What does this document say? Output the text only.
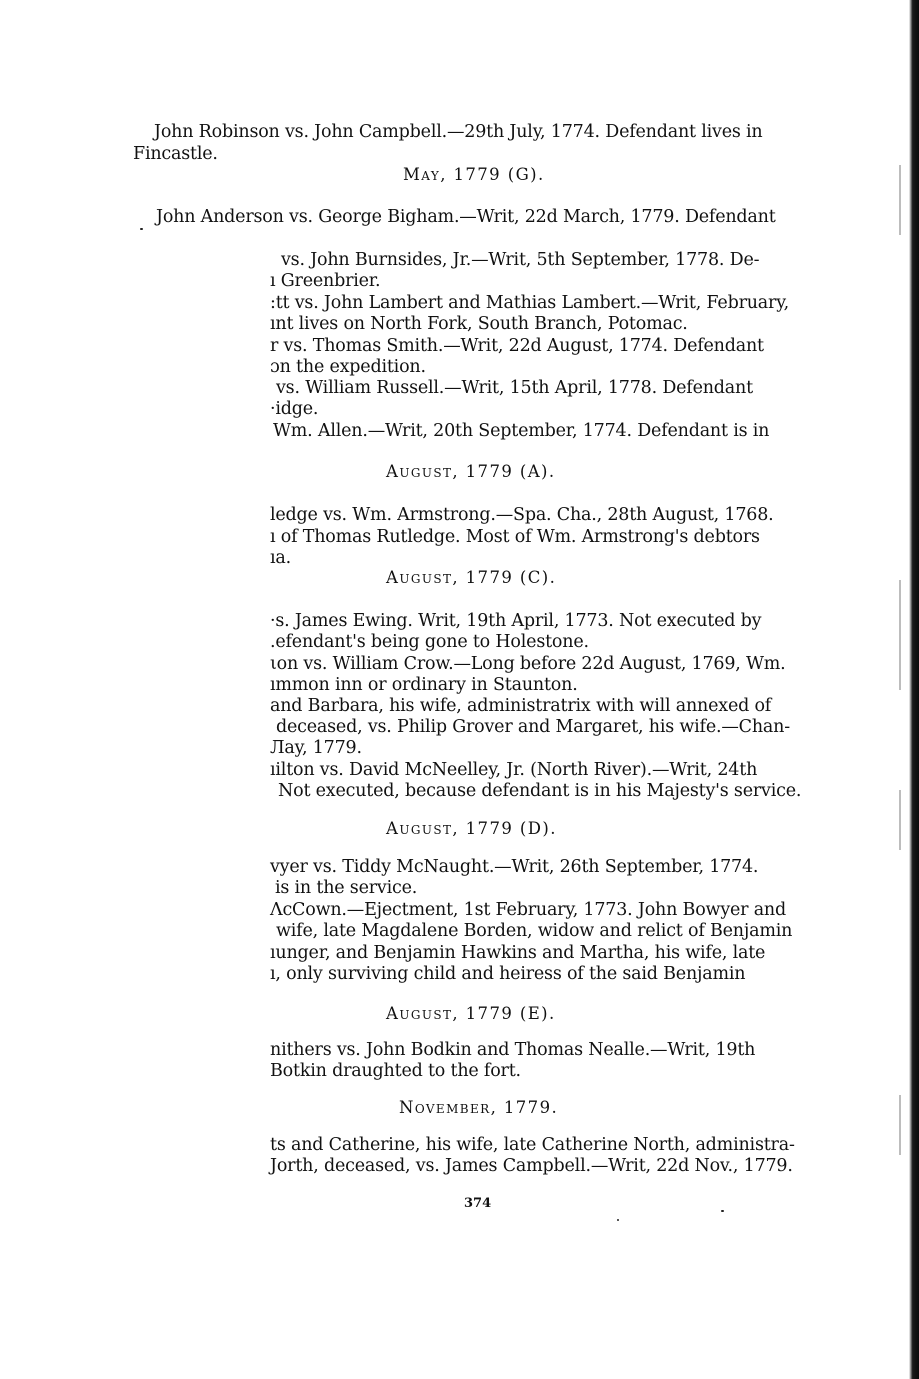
John Robinson vs. John Campbell.—29th July, 1774. Defendant lives in
Fincastle.
May, 1779 (G).
John Anderson vs. George Bigham.—Writ, 22d March, 1779. Defendant
vs. John Burnsides, Jr.—Writ, 5th September, 1778. De-
ı Greenbrier.
:tt vs. John Lambert and Mathias Lambert.—Writ, February,
ınt lives on North Fork, South Branch, Potomac.
r vs. Thomas Smith.—Writ, 22d August, 1774. Defendant
ɔn the expedition.
vs. William Russell.—Writ, 15th April, 1778. Defendant
·idge.
Wm. Allen.—Writ, 20th September, 1774. Defendant is in
August, 1779 (A).
ledge vs. Wm. Armstrong.—Spa. Cha., 28th August, 1768.
ı of Thomas Rutledge. Most of Wm. Armstrong's debtors
ıa.
August, 1779 (C).
·s. James Ewing. Writ, 19th April, 1773. Not executed by
.efendant's being gone to Holestone.
ιon vs. William Crow.—Long before 22d August, 1769, Wm.
ımmon inn or ordinary in Staunton.
and Barbara, his wife, administratrix with will annexed of
deceased, vs. Philip Grover and Margaret, his wife.—Chan-
Лay, 1779.
ıilton vs. David McNeelley, Jr. (North River).—Writ, 24th
Not executed, because defendant is in his Majesty's service.
August, 1779 (D).
vyer vs. Tiddy McNaught.—Writ, 26th September, 1774.
is in the service.
ΛcCown.—Ejectment, 1st February, 1773. John Bowyer and
wife, late Magdalene Borden, widow and relict of Benjamin
ıunger, and Benjamin Hawkins and Martha, his wife, late
ı, only surviving child and heiress of the said Benjamin
August, 1779 (E).
nithers vs. John Bodkin and Thomas Nealle.—Writ, 19th
Botkin draughted to the fort.
November, 1779.
ts and Catherine, his wife, late Catherine North, administra-
Jorth, deceased, vs. James Campbell.—Writ, 22d Nov., 1779.
374
